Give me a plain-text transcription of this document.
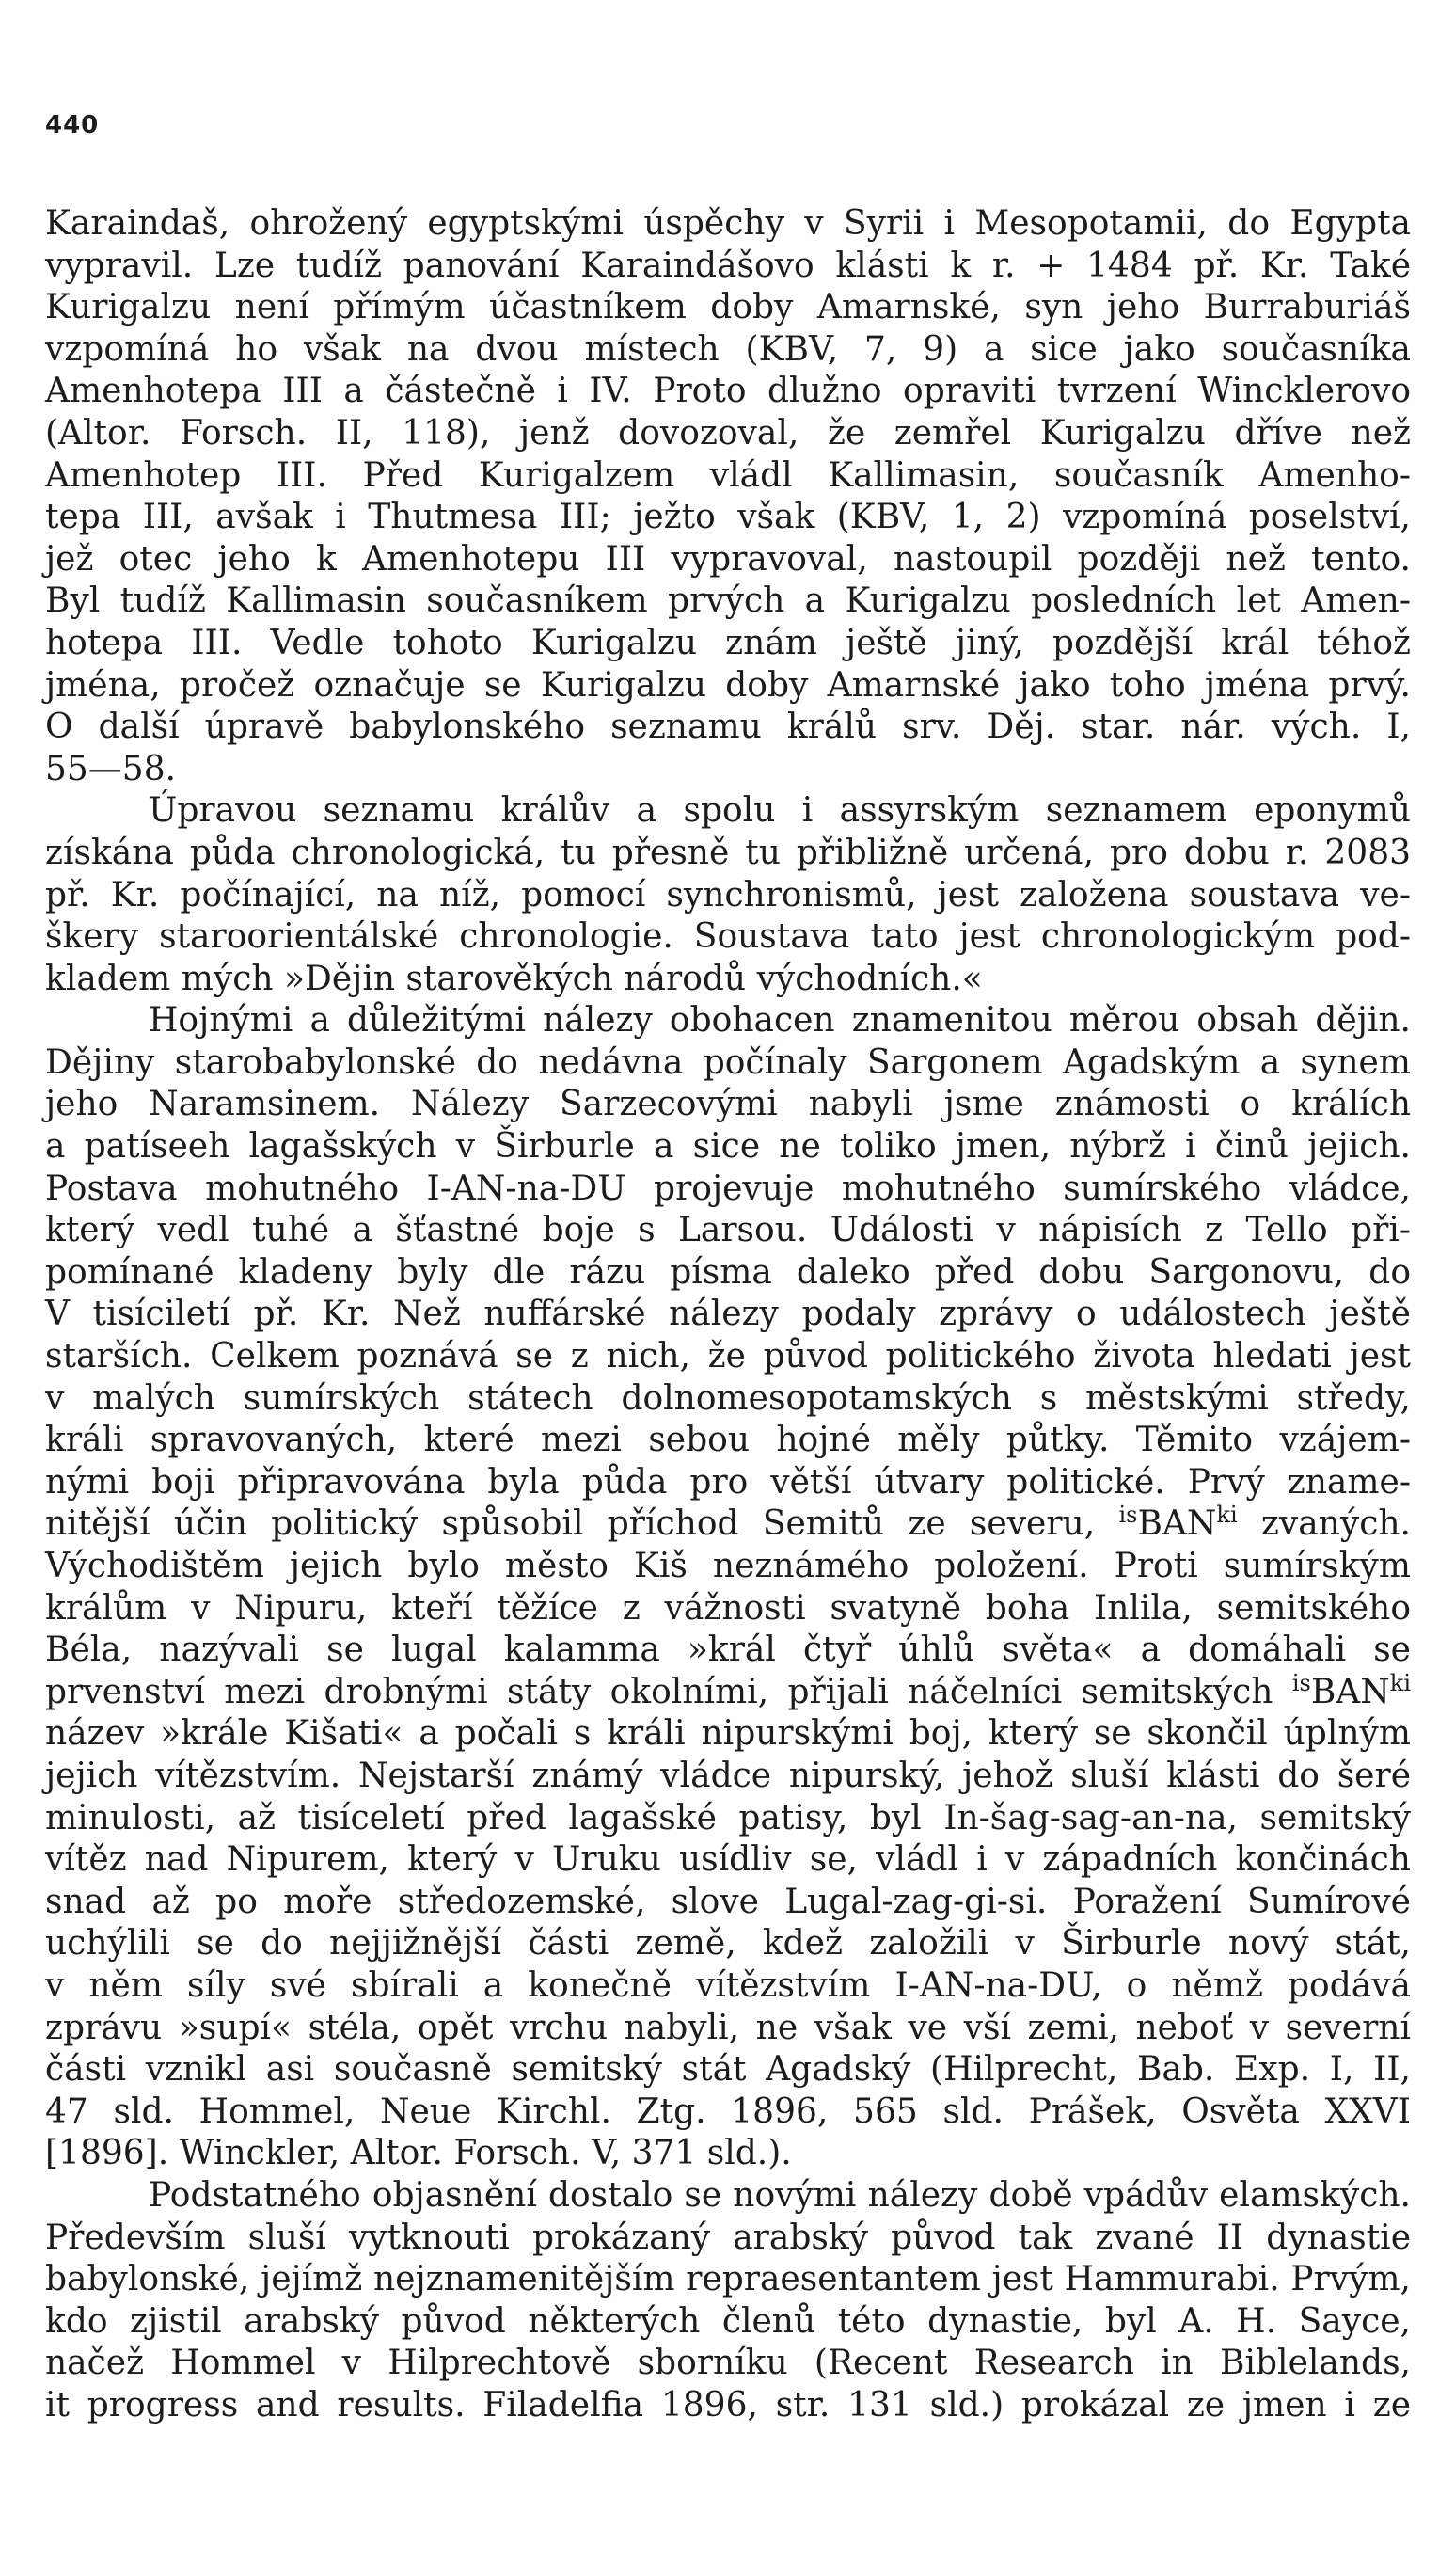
440
Karaindaš, ohrožený egyptskými úspěchy v Syrii i Mesopotamii, do Egypta
vypravil. Lze tudíž panování Karaindášovo klásti k r. + 1484 př. Kr. Také
Kurigalzu není přímým účastníkem doby Amarnské, syn jeho Burraburiáš
vzpomíná ho však na dvou místech (KBV, 7, 9) a sice jako současníka
Amenhotepa III a částečně i IV. Proto dlužno opraviti tvrzení Wincklerovo
(Altor. Forsch. II, 118), jenž dovozoval, že zemřel Kurigalzu dříve než
Amenhotep III. Před Kurigalzem vládl Kallimasin, současník Amenho-
tepa III, avšak i Thutmesa III; ježto však (KBV, 1, 2) vzpomíná poselství,
jež otec jeho k Amenhotepu III vypravoval, nastoupil později než tento.
Byl tudíž Kallimasin současníkem prvých a Kurigalzu posledních let Amen-
hotepa III. Vedle tohoto Kurigalzu znám ještě jiný, pozdější král téhož
jména, pročež označuje se Kurigalzu doby Amarnské jako toho jména prvý.
O další úpravě babylonského seznamu králů srv. Děj. star. nár. vých. I,
55—58.
Úpravou seznamu králův a spolu i assyrským seznamem eponymů
získána půda chronologická, tu přesně tu přibližně určená, pro dobu r. 2083
př. Kr. počínající, na níž, pomocí synchronismů, jest založena soustava ve-
škery staroorientálské chronologie. Soustava tato jest chronologickým pod-
kladem mých »Dějin starověkých národů východních.«
Hojnými a důležitými nálezy obohacen znamenitou měrou obsah dějin.
Dějiny starobabylonské do nedávna počínaly Sargonem Agadským a synem
jeho Naramsinem. Nálezy Sarzecovými nabyli jsme známosti o králích
a patíseeh lagašských v Širburle a sice ne toliko jmen, nýbrž i činů jejich.
Postava mohutného I-AN-na-DU projevuje mohutného sumírského vládce,
který vedl tuhé a šťastné boje s Larsou. Události v nápisích z Tello při-
pomínané kladeny byly dle rázu písma daleko před dobu Sargonovu, do
V tisíciletí př. Kr. Než nuffárské nálezy podaly zprávy o událostech ještě
starších. Celkem poznává se z nich, že původ politického života hledati jest
v malých sumírských státech dolnomesopotamských s městskými středy,
králi spravovaných, které mezi sebou hojné měly půtky. Těmito vzájem-
nými boji připravována byla půda pro větší útvary politické. Prvý zname-
nitější účin politický spůsobil příchod Semitů ze severu, $^{is}$BAN$^{ki}$ zvaných.
Východištěm jejich bylo město Kiš neznámého položení. Proti sumírským
králům v Nipuru, kteří těžíce z vážnosti svatyně boha Inlila, semitského
Béla, nazývali se lugal kalamma »král čtyř úhlů světa« a domáhali se
prvenství mezi drobnými státy okolními, přijali náčelníci semitských $^{is}$BAN$^{ki}$
název »krále Kišati« a počali s králi nipurskými boj, který se skončil úplným
jejich vítězstvím. Nejstarší známý vládce nipurský, jehož sluší klásti do šeré
minulosti, až tisíceletí před lagašské patisy, byl In-šag-sag-an-na, semitský
vítěz nad Nipurem, který v Uruku usídliv se, vládl i v západních končinách
snad až po moře středozemské, slove Lugal-zag-gi-si. Poražení Sumírové
uchýlili se do nejjižnější části země, kdež založili v Širburle nový stát,
v něm síly své sbírali a konečně vítězstvím I-AN-na-DU, o němž podává
zprávu »supí« stéla, opět vrchu nabyli, ne však ve vší zemi, neboť v severní
části vznikl asi současně semitský stát Agadský (Hilprecht, Bab. Exp. I, II,
47 sld. Hommel, Neue Kirchl. Ztg. 1896, 565 sld. Prášek, Osvěta XXVI
[1896]. Winckler, Altor. Forsch. V, 371 sld.).
Podstatného objasnění dostalo se novými nálezy době vpádův elamských.
Především sluší vytknouti prokázaný arabský původ tak zvané II dynastie
babylonské, jejímž nejznamenitějším repraesentantem jest Hammurabi. Prvým,
kdo zjistil arabský původ některých členů této dynastie, byl A. H. Sayce,
načež Hommel v Hilprechtově sborníku (Recent Research in Biblelands,
it progress and results. Filadelfia 1896, str. 131 sld.) prokázal ze jmen i ze
